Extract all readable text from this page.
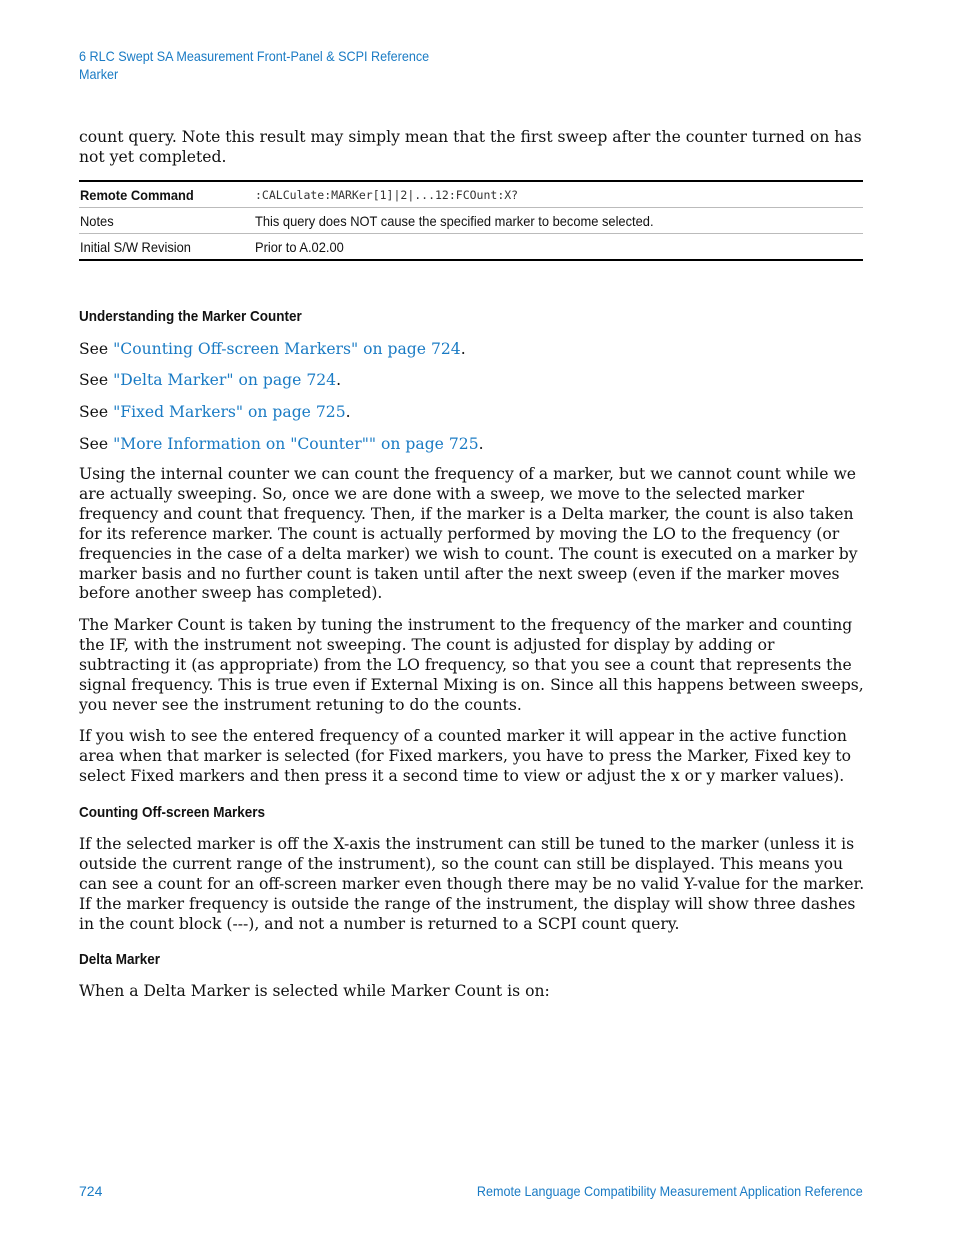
6 RLC Swept SA Measurement Front-Panel & SCPI Reference
Marker
count query. Note this result may simply mean that the first sweep after the counter turned on has not yet completed.
Remote Command	:CALCulate:MARKer[1]|2|...12:FCOunt:X?
Notes	This query does NOT cause the specified marker to become selected.
Initial S/W Revision	Prior to A.02.00
Understanding the Marker Counter
See "Counting Off-screen Markers" on page 724.
See "Delta Marker" on page 724.
See "Fixed Markers" on page 725.
See "More Information on "Counter"" on page 725.

Using the internal counter we can count the frequency of a marker, but we cannot count while we are actually sweeping. So, once we are done with a sweep, we move to the selected marker frequency and count that frequency. Then, if the marker is a Delta marker, the count is also taken for its reference marker. The count is actually performed by moving the LO to the frequency (or frequencies in the case of a delta marker) we wish to count. The count is executed on a marker by marker basis and no further count is taken until after the next sweep (even if the marker moves before another sweep has completed).

The Marker Count is taken by tuning the instrument to the frequency of the marker and counting the IF, with the instrument not sweeping. The count is adjusted for display by adding or subtracting it (as appropriate) from the LO frequency, so that you see a count that represents the signal frequency. This is true even if External Mixing is on. Since all this happens between sweeps, you never see the instrument retuning to do the counts.

If you wish to see the entered frequency of a counted marker it will appear in the active function area when that marker is selected (for Fixed markers, you have to press the Marker, Fixed key to select Fixed markers and then press it a second time to view or adjust the x or y marker values).

Counting Off-screen Markers

If the selected marker is off the X-axis the instrument can still be tuned to the marker (unless it is outside the current range of the instrument), so the count can still be displayed. This means you can see a count for an off-screen marker even though there may be no valid Y-value for the marker. If the marker frequency is outside the range of the instrument, the display will show three dashes in the count block (---), and not a number is returned to a SCPI count query.

Delta Marker

When a Delta Marker is selected while Marker Count is on:

724	Remote Language Compatibility Measurement Application Reference
